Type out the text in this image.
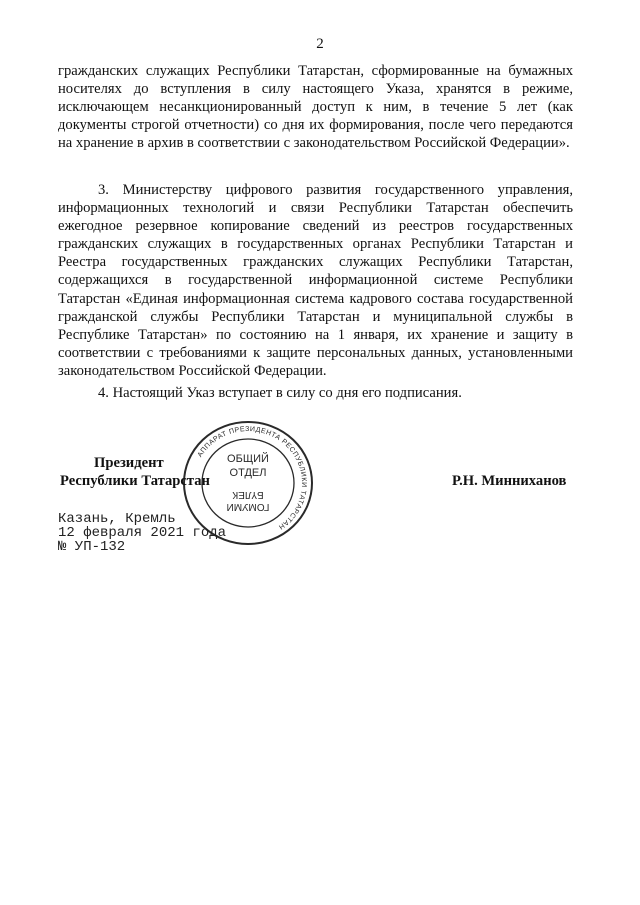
2
гражданских служащих Республики Татарстан, сформированные на бумажных носителях до вступления в силу настоящего Указа, хранятся в режиме, исключающем несанкционированный доступ к ним, в течение 5 лет (как документы строгой отчетности) со дня их формирования, после чего передаются на хранение в архив в соответствии с законодательством Российской Федерации».
3. Министерству цифрового развития государственного управления, информационных технологий и связи Республики Татарстан обеспечить ежегодное резервное копирование сведений из реестров государственных гражданских служащих в государственных органах Республики Татарстан и Реестра государственных гражданских служащих Республики Татарстан, содержащихся в государственной информационной системе Республики Татарстан «Единая информационная система кадрового состава государственной гражданской службы Республики Татарстан и муниципальной службы в Республике Татарстан» по состоянию на 1 января, их хранение и защиту в соответствии с требованиями к защите персональных данных, установленными законодательством Российской Федерации.
4. Настоящий Указ вступает в силу со дня его подписания.
АППАРАТ ПРЕЗИДЕНТА РЕСПУБЛИКИ ТАТАРСТАН
ОБЩИЙ
ОТДЕЛ
ГОМУМИ
БҮЛЕК
Президент
Республики Татарстан	Р.Н. Минниханов
Казань, Кремль
12 февраля 2021 года
№ УП-132
